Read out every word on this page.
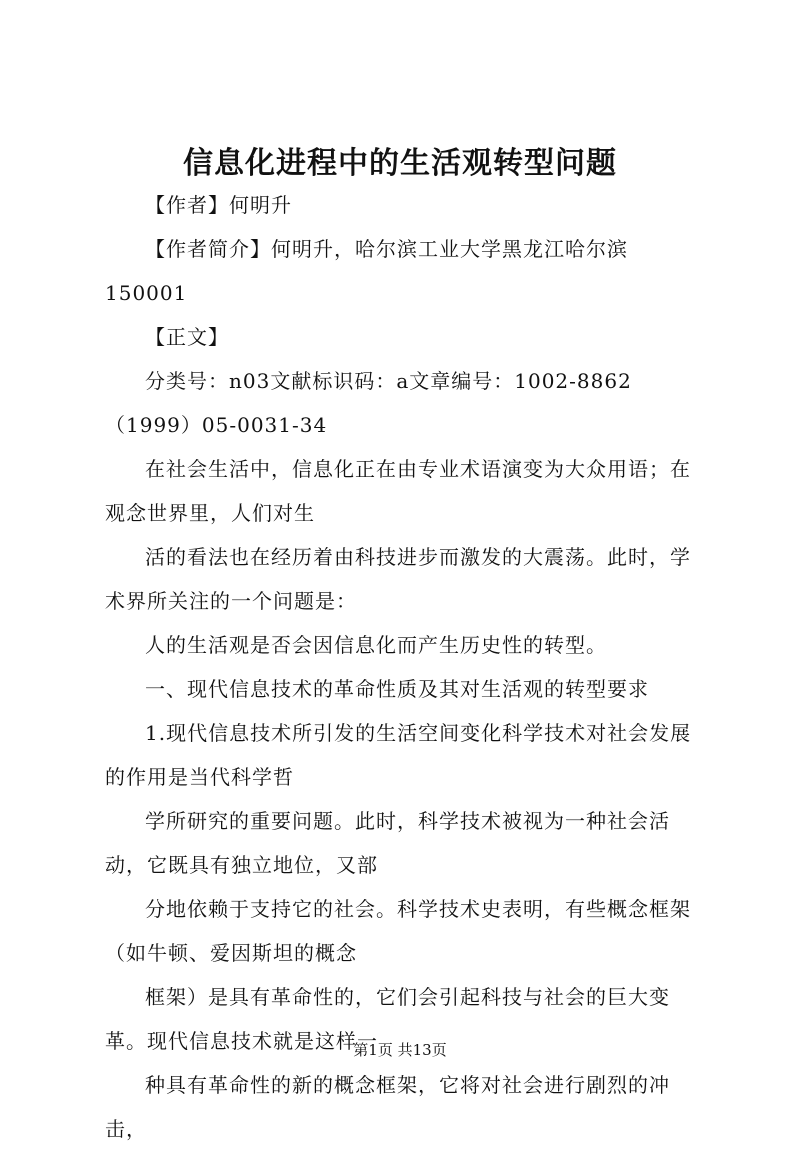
信息化进程中的生活观转型问题

【作者】何明升

【作者简介】何明升，哈尔滨工业大学黑龙江哈尔滨150001

【正文】

分类号：n03文献标识码：a文章编号：1002-8862（1999）05-0031-34

在社会生活中，信息化正在由专业术语演变为大众用语；在观念世界里，人们对生

活的看法也在经历着由科技进步而激发的大震荡。此时，学术界所关注的一个问题是：

人的生活观是否会因信息化而产生历史性的转型。

一、现代信息技术的革命性质及其对生活观的转型要求

1.现代信息技术所引发的生活空间变化科学技术对社会发展的作用是当代科学哲

学所研究的重要问题。此时，科学技术被视为一种社会活动，它既具有独立地位，又部

分地依赖于支持它的社会。科学技术史表明，有些概念框架（如牛顿、爱因斯坦的概念

框架）是具有革命性的，它们会引起科技与社会的巨大变革。现代信息技术就是这样一

种具有革命性的新的概念框架，它将对社会进行剧烈的冲击，

第1页 共13页
